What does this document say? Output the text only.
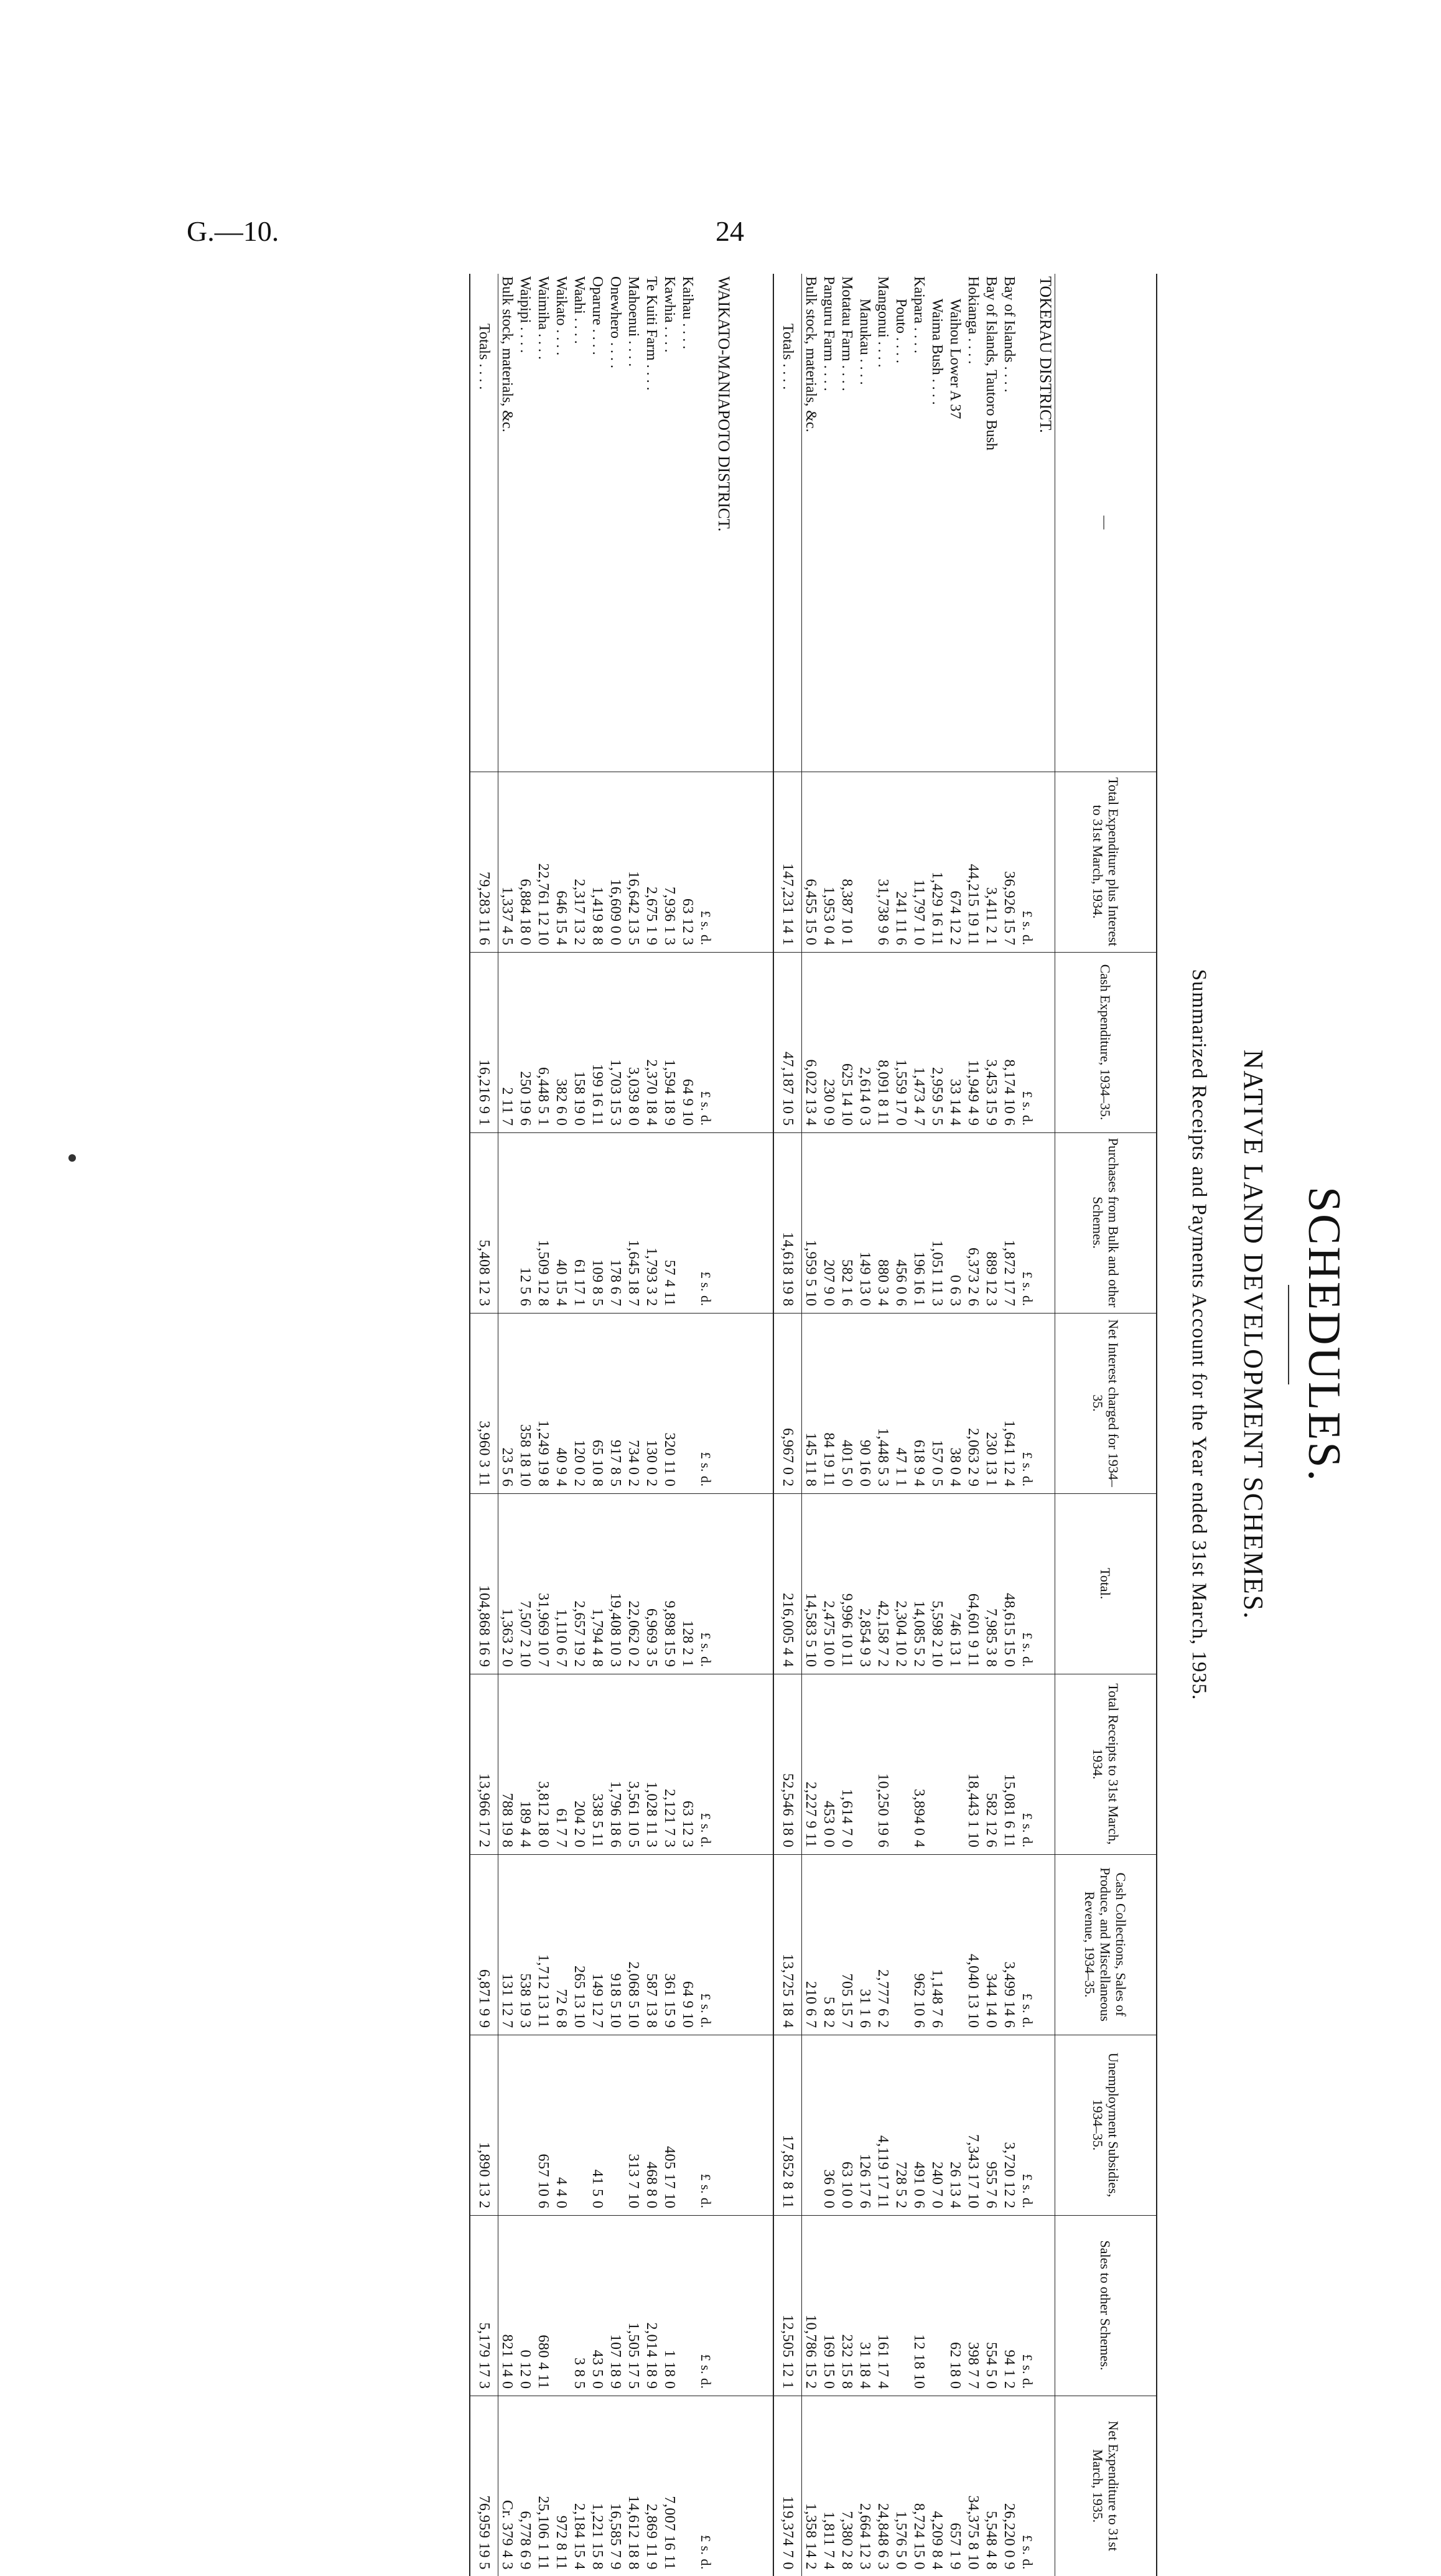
G.—10.	24
SCHEDULES.
NATIVE LAND DEVELOPMENT SCHEMES.
Summarized Receipts and Payments Account for the Year ended 31st March, 1935.
—	Total Expenditure plus Interest to 31st March, 1934.	Cash Expenditure, 1934–35.	Purchases from Bulk and other Schemes.	Net Interest charged for 1934–35.	Total.	Total Receipts to 31st March, 1934.	Cash Collections, Sales of Produce, and Miscellaneous Revenue, 1934–35.	Unemployment Subsidies, 1934–35.	Sales to other Schemes.	Net Expenditure to 31st March, 1935.
TOKERAU DISTRICT.										
	£ s. d.	£ s. d.	£ s. d.	£ s. d.	£ s. d.	£ s. d.	£ s. d.	£ s. d.	£ s. d.	£ s. d.
Bay of Islands . . . .	36,926 15 7	8,174 10 6	1,872 17 7	1,641 12 4	48,615 15 0	15,081 6 11	3,499 14 6	3,720 12 2	94 1 2	26,220 0 9
Bay of Islands, Tautoro Bush	3,411 2 1	3,453 15 9	889 12 3	230 13 1	7,985 3 8	582 12 6	344 14 0	955 7 6	554 5 0	5,548 4 8
Hokianga . . . .	44,215 19 11	11,949 4 9	6,373 2 6	2,063 2 9	64,601 9 11	18,443 1 10	4,040 13 10	7,343 17 10	398 7 7	34,375 8 10
Waihou Lower A 37	674 12 2	33 14 4	0 6 3	38 0 4	746 13 1			26 13 4	62 18 0	657 1 9
Waima Bush . . . .	1,429 16 11	2,959 5 5	1,051 11 3	157 0 5	5,598 2 10		1,148 7 6	240 7 0		4,209 8 4
Kaipara . . . .	11,797 1 0	1,473 4 7	196 16 1	618 9 4	14,085 5 2	3,894 0 4	962 10 6	491 0 6	12 18 10	8,724 15 0
Pouto . . . .	241 11 6	1,559 17 0	456 0 6	47 1 1	2,304 10 2			728 5 2		1,576 5 0
Mangonui . . . .	31,738 9 6	8,091 8 11	880 3 4	1,448 5 3	42,158 7 2	10,250 19 6	2,777 6 2	4,119 17 11	161 17 4	24,848 6 3
Manukau . . . .		2,614 0 3	149 13 0	90 16 0	2,854 9 3		31 1 6	126 17 6	31 18 4	2,664 12 3
Motatau Farm . . . .	8,387 10 1	625 14 10	582 1 6	401 5 0	9,996 10 11	1,614 7 0	705 15 7	63 10 0	232 15 8	7,380 2 8
Panguru Farm . . . .	1,953 0 4	230 0 9	207 9 0	84 19 11	2,475 10 0	453 0 0	5 8 2	36 0 0	169 15 0	1,811 7 4
Bulk stock, materials, &c.	6,455 15 0	6,022 13 4	1,959 5 10	145 11 8	14,583 5 10	2,227 9 11	210 6 7		10,786 15 2	1,358 14 2
Totals . . . .	147,231 14 1	47,187 10 5	14,618 19 8	6,967 0 2	216,005 4 4	52,546 18 0	13,725 18 4	17,852 8 11	12,505 12 1	119,374 7 0

WAIKATO-MANIAPOTO DISTRICT.										
	£ s. d.	£ s. d.	£ s. d.	£ s. d.	£ s. d.	£ s. d.	£ s. d.	£ s. d.	£ s. d.	£ s. d.
Kaihau . . . .	63 12 3	64 9 10			128 2 1	63 12 3	64 9 10			
Kawhia . . . .	7,936 1 3	1,594 18 9	57 4 11	320 11 0	9,898 15 9	2,121 7 3	361 15 9	405 17 10	1 18 0	7,007 16 11
Te Kuiti Farm . . . .	2,675 1 9	2,370 18 4	1,793 3 2	130 0 2	6,969 3 5	1,028 11 3	587 13 8	468 8 0	2,014 18 9	2,869 11 9
Mahoenui . . . .	16,642 13 5	3,039 8 0	1,645 18 7	734 0 2	22,062 0 2	3,561 10 5	2,068 5 10	313 7 10	1,505 17 5	14,612 18 8
Onewhero . . . .	16,609 0 0	1,703 15 3	178 6 7	917 8 5	19,408 10 3	1,796 18 6	918 5 10		107 18 9	16,585 7 9
Oparure . . . .	1,419 8 8	199 16 11	109 8 5	65 10 8	1,794 4 8	338 5 11	149 12 7	41 5 0	43 5 0	1,221 15 8
Waahi . . . .	2,317 13 2	158 19 0	61 17 1	120 0 2	2,657 19 2	204 2 0	265 13 10		3 8 5	2,184 15 4
Waikato . . . .	646 15 4	382 6 0	40 15 4	40 9 4	1,110 6 7	61 7 7	72 6 8	4 4 0		972 8 11
Waimiha . . . .	22,761 12 10	6,448 5 1	1,509 12 8	1,249 19 8	31,969 10 7	3,812 18 0	1,712 13 11	657 10 6	680 4 11	25,106 1 11
Waipipi . . . .	6,884 18 0	250 19 6	12 5 6	358 18 10	7,507 2 10	189 4 4	538 19 3		0 12 0	6,778 6 9
Bulk stock, materials, &c.	1,337 4 5	2 11 7		23 5 6	1,363 2 0	788 19 8	131 12 7		821 14 0	Cr. 379 4 3
Totals . . . .	79,283 11 6	16,216 9 1	5,408 12 3	3,960 3 11	104,868 16 9	13,966 17 2	6,871 9 9	1,890 13 2	5,179 17 3	76,959 19 5
